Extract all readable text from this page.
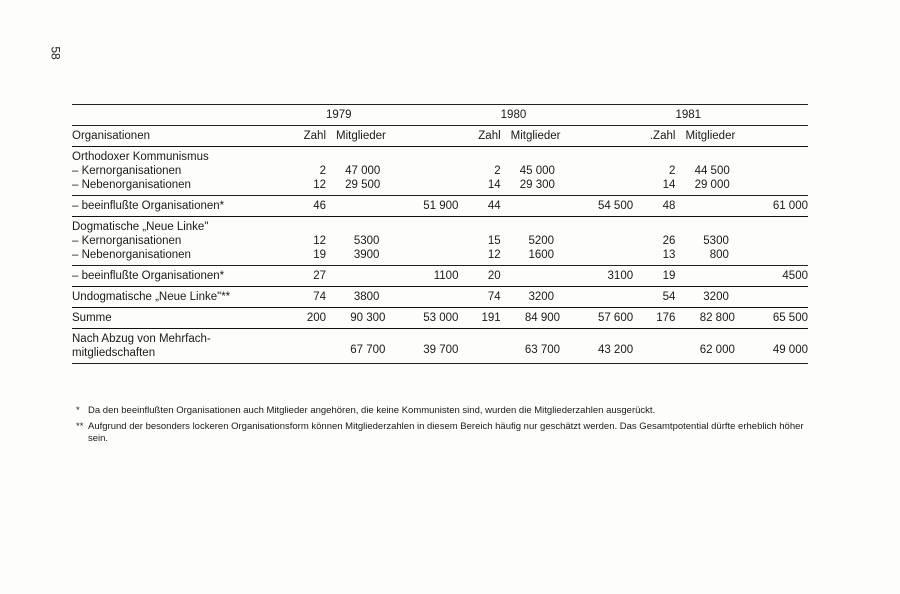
58
		1979			1980			1981	
Organisationen	Zahl	Mitglieder		Zahl	Mitglieder		.Zahl	Mitglieder	
Orthodoxer Kommunismus									
– Kernorganisationen	2	47 000		2	45 000		2	44 500	
– Nebenorganisationen	12	29 500		14	29 300		14	29 000	
– beeinflußte Organisationen*	46		51 900	44		54 500	48		61 000
Dogmatische „Neue Linke"									
– Kernorganisationen	12	5300		15	5200		26	5300	
– Nebenorganisationen	19	3900		12	1600		13	800	
– beeinflußte Organisationen*	27		1100	20		3100	19		4500
Undogmatische „Neue Linke"**	74	3800		74	3200		54	3200	
Summe	200	90 300	53 000	191	84 900	57 600	176	82 800	65 500

Nach Abzug von Mehrfach-
mitgliedschaften		67 700	39 700		63 700	43 200		62 000	49 000
* Da den beeinflußten Organisationen auch Mitglieder angehören, die keine Kommunisten sind, wurden die Mitgliederzahlen ausgerückt.
** Aufgrund der besonders lockeren Organisationsform können Mitgliederzahlen in diesem Bereich häufig nur geschätzt werden. Das Gesamtpotential dürfte erheblich höher sein.
